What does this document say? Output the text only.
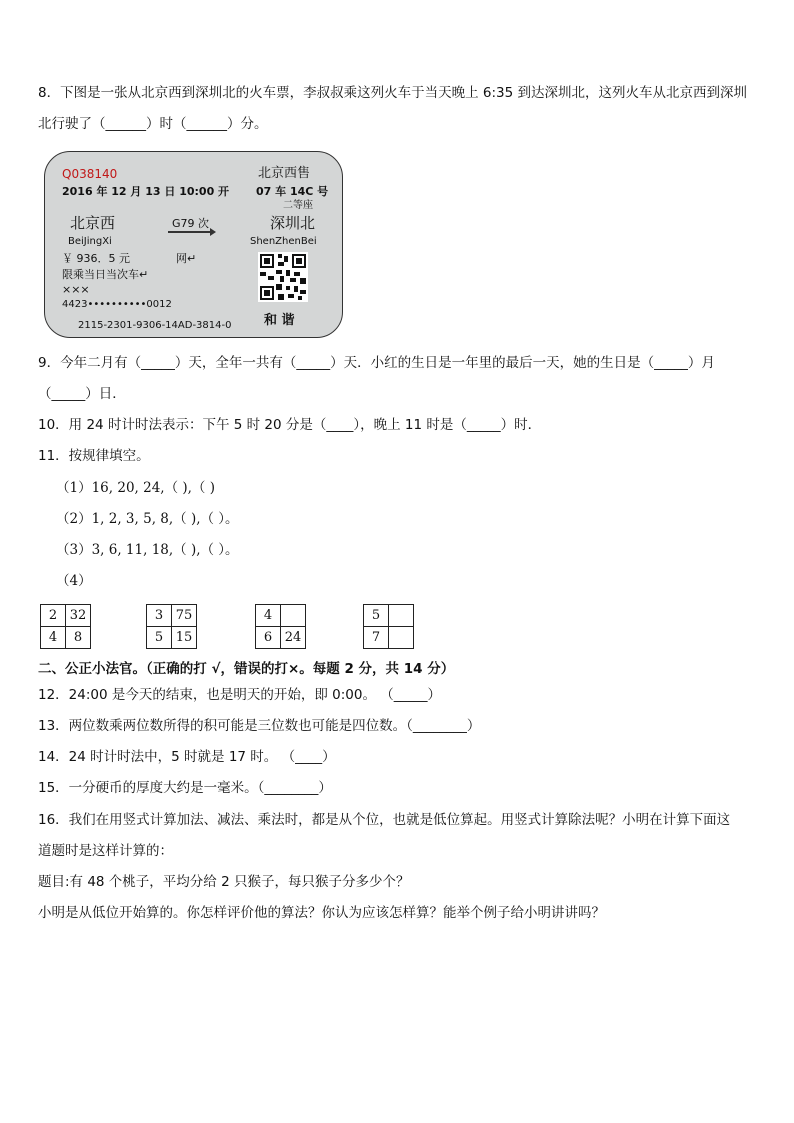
8．下图是一张从北京西到深圳北的火车票，李叔叔乘这列火车于当天晚上 6:35 到达深圳北，这列火车从北京西到深圳
北行驶了（______）时（______）分。
Q038140	北京西售
2016 年 12 月 13 日 10:00 开 07 车 14C 号
二等座
北京西	G79 次	深圳北
BeiJingXi	ShenZhenBei
￥ 936．5 元	网↵
限乘当日当次车↵
×××
4423••••••••••0012
2115-2301-9306-14AD-3814-0	和 谐
9．今年二月有（_____）天，全年一共有（_____）天．小红的生日是一年里的最后一天，她的生日是（_____）月
（_____）日．
10．用 24 时计时法表示：下午 5 时 20 分是（____），晚上 11 时是（_____）时．
11．按规律填空。
（1）16, 20, 24,（ ),（ )
（2）1, 2, 3, 5, 8,（ ),（ ）。
（3）3, 6, 11, 18,（ ),（ ）。
（4）
2	32
4	8
3	75
5	15
4	
6	24
5	
7	
二、公正小法官。（正确的打 √，错误的打×。每题 2 分，共 14 分）
12．24:00 是今天的结束，也是明天的开始，即 0:00。 （_____）
13．两位数乘两位数所得的积可能是三位数也可能是四位数。（________）
14．24 时计时法中，5 时就是 17 时。 （____）
15．一分硬币的厚度大约是一毫米。（________）
16．我们在用竖式计算加法、减法、乘法时，都是从个位，也就是低位算起。用竖式计算除法呢？小明在计算下面这
道题时是这样计算的：
题目:有 48 个桃子，平均分给 2 只猴子，每只猴子分多少个？
小明是从低位开始算的。你怎样评价他的算法？你认为应该怎样算？能举个例子给小明讲讲吗？
